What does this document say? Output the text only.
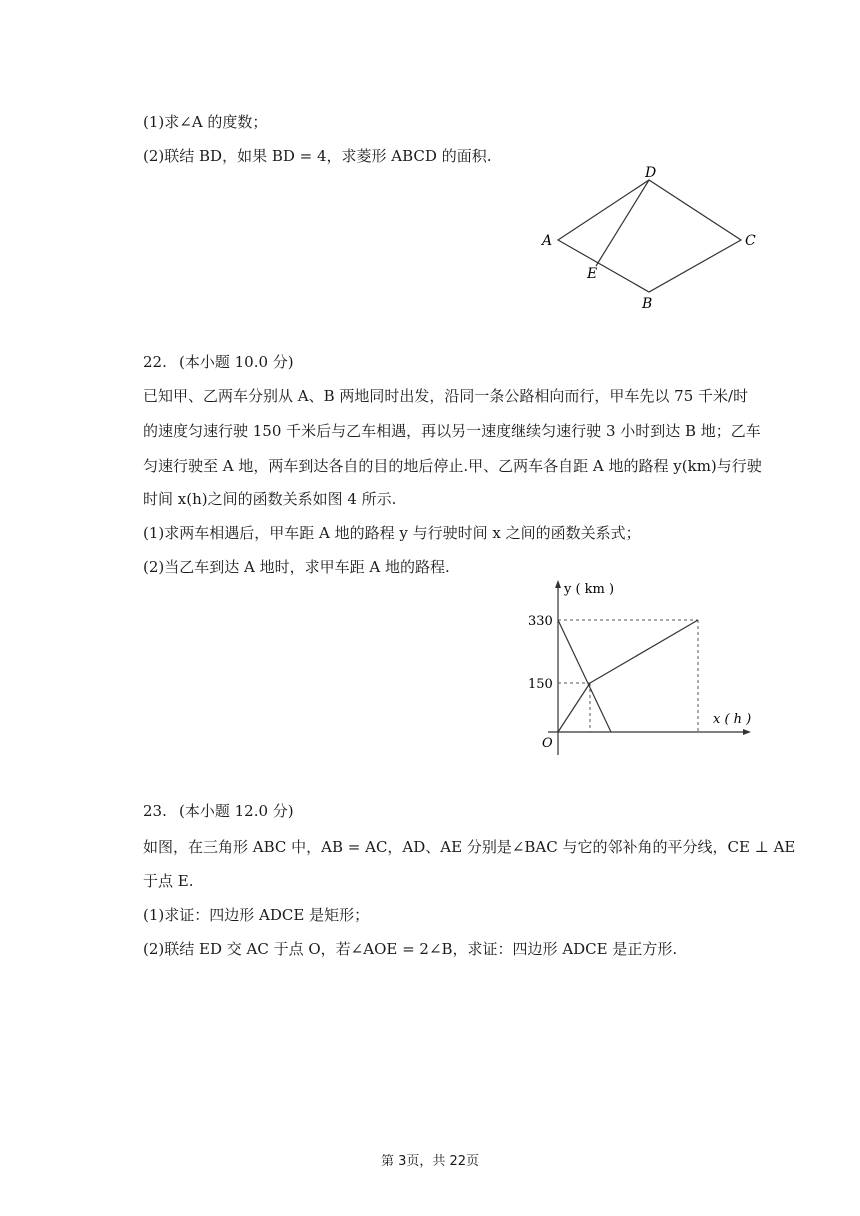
(1)求∠A 的度数；
(2)联结 BD，如果 BD = 4，求菱形 ABCD 的面积.
D
A	C
E
B
22. (本小题 10.0 分)
已知甲、乙两车分别从 A、B 两地同时出发，沿同一条公路相向而行，甲车先以 75 千米/时
的速度匀速行驶 150 千米后与乙车相遇，再以另一速度继续匀速行驶 3 小时到达 B 地；乙车
匀速行驶至 A 地，两车到达各自的目的地后停止.甲、乙两车各自距 A 地的路程 y(km)与行驶
时间 x(h)之间的函数关系如图 4 所示.
(1)求两车相遇后，甲车距 A 地的路程 y 与行驶时间 x 之间的函数关系式；
(2)当乙车到达 A 地时，求甲车距 A 地的路程.
y ( km )
x ( h )
O
330
150
23. (本小题 12.0 分)
如图，在三角形 ABC 中，AB = AC，AD、AE 分别是∠BAC 与它的邻补角的平分线，CE ⊥ AE
于点 E.
(1)求证：四边形 ADCE 是矩形；
(2)联结 ED 交 AC 于点 O，若∠AOE = 2∠B，求证：四边形 ADCE 是正方形.
第 3页，共 22页
